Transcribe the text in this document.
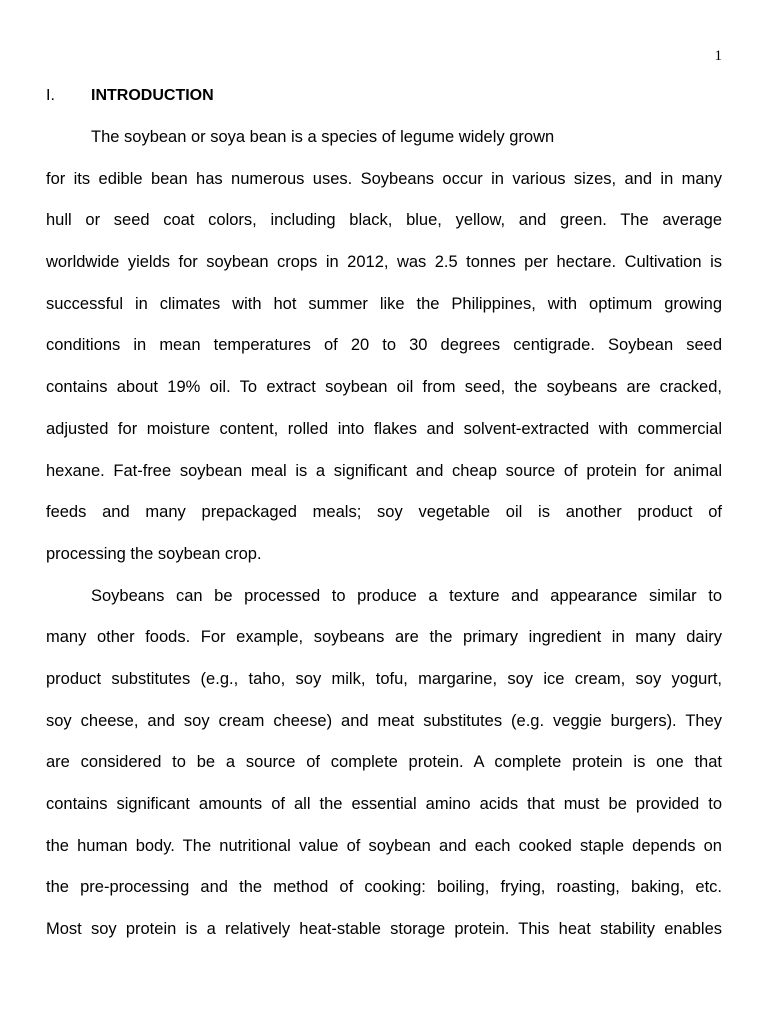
1
I. INTRODUCTION
The soybean or soya bean is a species of legume widely grown
for its edible bean has numerous uses. Soybeans occur in various sizes, and in many
hull or seed coat colors, including black, blue, yellow, and green. The average
worldwide yields for soybean crops in 2012, was 2.5 tonnes per hectare. Cultivation is
successful in climates with hot summer like the Philippines, with optimum growing
conditions in mean temperatures of 20 to 30 degrees centigrade. Soybean seed
contains about 19% oil. To extract soybean oil from seed, the soybeans are cracked,
adjusted for moisture content, rolled into flakes and solvent-extracted with commercial
hexane. Fat-free soybean meal is a significant and cheap source of protein for animal
feeds and many prepackaged meals; soy vegetable oil is another product of
processing the soybean crop.
Soybeans can be processed to produce a texture and appearance similar to
many other foods. For example, soybeans are the primary ingredient in many dairy
product substitutes (e.g., taho, soy milk, tofu, margarine, soy ice cream, soy yogurt,
soy cheese, and soy cream cheese) and meat substitutes (e.g. veggie burgers). They
are considered to be a source of complete protein. A complete protein is one that
contains significant amounts of all the essential amino acids that must be provided to
the human body. The nutritional value of soybean and each cooked staple depends on
the pre-processing and the method of cooking: boiling, frying, roasting, baking, etc.
Most soy protein is a relatively heat-stable storage protein. This heat stability enables
